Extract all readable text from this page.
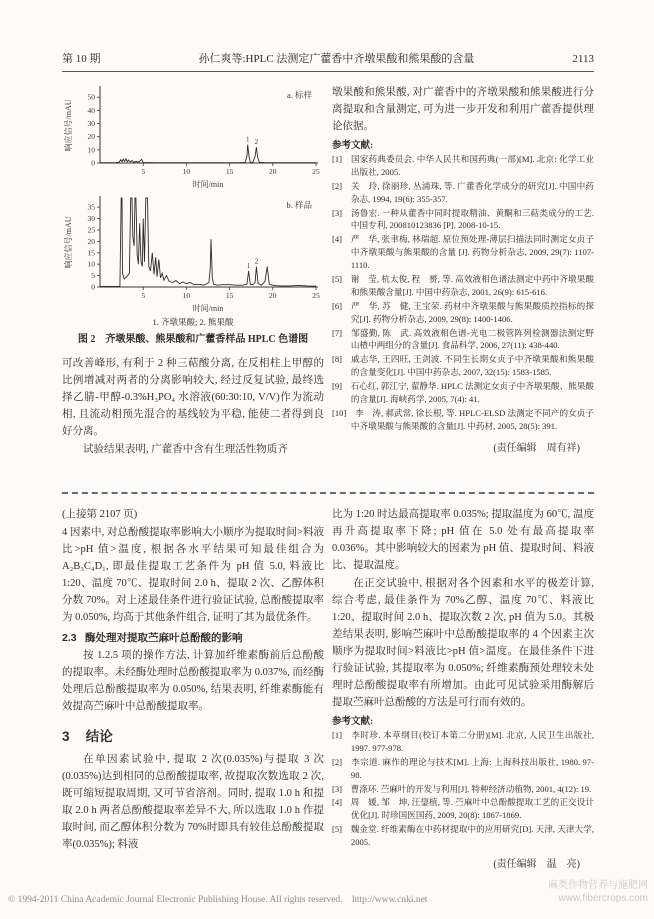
第 10 期	孙仁爽等:HPLC 法测定广藿香中齐墩果酸和熊果酸的含量	2113
5	10	15	20	25
0
10
20
30
40
50
时间/min
响应信号/mAU
a. 标样
1 2
5	10	15	20	25
0
5
10
15
20
25
30
35
时间/min
响应信号/mAU
b. 样品
1
2
1. 齐墩果酸; 2. 熊果酸
图 2　齐墩果酸、熊果酸和广藿香样品 HPLC 色谱图

可改善峰形, 有利于 2 种三萜酸分离, 在反相柱上甲醇的比例增减对两者的分离影响较大, 经过反复试验, 最终选择乙腈-甲醇-0.3%H₃PO₄ 水溶液(60:30:10, V/V)作为流动相, 且流动相预先混合的基线较为平稳, 能使二者得到良好分离。

试验结果表明, 广藿香中含有生理活性物质齐

墩果酸和熊果酸, 对广藿香中的齐墩果酸和熊果酸进行分离提取和含量测定, 可为进一步开发和利用广藿香提供理论依据。

参考文献:
[1]　国家药典委员会. 中华人民共和国药典(一部)[M]. 北京: 化学工业出版社, 2005.
[2]　关　玲, 徐丽珍, 丛浦珠, 等. 广藿香化学成分的研究[J]. 中国中药杂志, 1994, 19(6): 355-357.
[3]　汤鲁宏. 一种从藿香中同时提取精油、黄酮和三萜类成分的工艺. 中国专利, 200810123836 [P]. 2008-10-15.
[4]　严　华, 张聿梅, 林瑞超. 原位预处理-薄层扫描法同时测定女贞子中齐墩果酸与熊果酸的含量 [J]. 药物分析杂志, 2009, 29(7): 1107-1110.
[5]　谢　莹, 杭太俊, 程　赟, 等. 高效液相色谱法测定中药中齐墩果酸和熊果酸含量[J]. 中国中药杂志, 2001, 26(9): 615-616.
[6]　严　华, 苏　健, 王宝荣. 药材中齐墩果酸与熊果酸质控指标的探究[J]. 药物分析杂志, 2009, 29(8): 1400-1406.
[7]　邹盛勤, 陈　武. 高效液相色谱-光电二极管阵列检测器法测定野山楂中两组分的含量[J]. 食品科学, 2006, 27(11): 438-440.
[8]　戚志华, 王四旺, 王剑波. 不同生长期女贞子中齐墩果酸和熊果酸的含量变化[J]. 中国中药杂志, 2007, 32(15): 1583-1585.
[9]　石心红, 郭江宁, 翟静华. HPLC 法测定女贞子中齐墩果酸、熊果酸的含量[J]. 海峡药学, 2005, 7(4): 41.
[10]　李　涛, 郝武常, 徐长根, 等. HPLC-ELSD 法测定不同产的女贞子中齐墩果酸与熊果酸的含量[J]. 中药材, 2005, 28(5): 391.
(责任编辑　周有祥)

(上接第 2107 页)

4 因素中, 对总酚酸提取率影响大小顺序为提取时间>料液比>pH 值>温度, 根据各水平结果可知最佳组合为 A₂B₃C₄D₁, 即最佳提取工艺条件为 pH 值 5.0, 料液比 1:20、温度 70℃、提取时间 2.0 h、提取 2 次、乙醇体积分数 70%。对上述最佳条件进行验证试验, 总酚酸提取率为 0.050%, 均高于其他条件组合, 证明了其为最优条件。

2.3 酶处理对提取苎麻叶总酚酸的影响

按 1.2.5 项的操作方法, 计算加纤维素酶前后总酚酸的提取率。未经酶处理时总酚酸提取率为 0.037%, 而经酶处理后总酚酸提取率为 0.050%, 结果表明, 纤维素酶能有效提高苎麻叶中总酚酸提取率。

3 结论

在单因素试验中, 提取 2 次(0.035%)与提取 3 次(0.035%)达到相同的总酚酸提取率, 故提取次数选取 2 次, 既可缩短提取周期, 又可节省溶剂。同时, 提取 1.0 h 和提取 2.0 h 两者总酚酸提取率差异不大, 所以选取 1.0 h 作提取时间, 而乙醇体积分数为 70%时即具有较佳总酚酸提取率(0.035%); 料液

比为 1:20 时达最高提取率 0.035%; 提取温度为 60℃, 温度再升高提取率下降; pH 值在 5.0 处有最高提取率 0.036%。其中影响较大的因素为 pH 值、提取时间、料液比、提取温度。

在正交试验中, 根据对各个因素和水平的极差计算, 综合考虑, 最佳条件为 70%乙醇、温度 70℃、料液比 1:20、提取时间 2.0 h、提取次数 2 次, pH 值为 5.0。其极差结果表明, 影响苎麻叶中总酚酸提取率的 4 个因素主次顺序为提取时间>料液比>pH 值>温度。在最佳条件下进行验证试验, 其提取率为 0.050%; 纤维素酶预处理较未处理时总酚酸提取率有所增加。由此可见试验采用酶解后提取苎麻叶总酚酸的方法是可行而有效的。

参考文献:
[1]　李时珍. 本草纲目(校订本第二分册)[M]. 北京, 人民卫生出版社, 1997. 977-978.
[2]　李宗道. 麻作的理论与技术[M]. 上海: 上海科技出版社, 1980. 97-98.
[3]　曹涤环. 苎麻叶的开发与利用[J]. 特种经济动植物, 2001, 4(12): 19.
[4]　周　媛, 邹　坤, 汪鋆植, 等. 苎麻叶中总酚酸提取工艺的正交设计优化[J]. 时珍国医国药, 2009, 20(8): 1867-1869.
[5]　魏金堂. 纤维素酶在中药材提取中的应用研究[D]. 天津, 天津大学, 2005.
(责任编辑　温　亮)
© 1994-2011 China Academic Journal Electronic Publishing House. All rights reserved. http://www.cnki.net
麻类作物营养与施肥网
www.fibercrops.com
